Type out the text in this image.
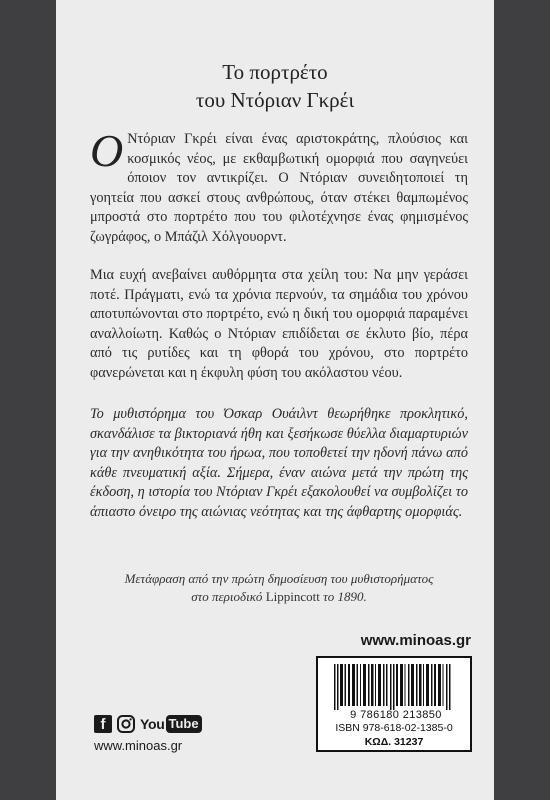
Το πορτρέτο
του Ντόριαν Γκρέι

Ο Ντόριαν Γκρέι είναι ένας αριστοκράτης, πλούσιος και κοσμικός νέος, με εκθαμβωτική ομορφιά που σαγηνεύει όποιον τον αντικρίζει. Ο Ντόριαν συνειδητοποιεί τη γοητεία που ασκεί στους ανθρώπους, όταν στέκει θαμπωμένος μπροστά στο πορτρέτο που του φιλοτέχνησε ένας φημισμένος ζωγράφος, ο Μπάζιλ Χόλγουορντ.

Μια ευχή ανεβαίνει αυθόρμητα στα χείλη του: Να μην γεράσει ποτέ. Πράγματι, ενώ τα χρόνια περνούν, τα σημάδια του χρόνου αποτυπώνονται στο πορτρέτο, ενώ η δική του ομορφιά παραμένει αναλλοίωτη. Καθώς ο Ντόριαν επιδίδεται σε έκλυτο βίο, πέρα από τις ρυτίδες και τη φθορά του χρόνου, στο πορτρέτο φανερώνεται και η έκφυλη φύση του ακόλαστου νέου.

Το μυθιστόρημα του Όσκαρ Ουάιλντ θεωρήθηκε προκλητικό, σκανδάλισε τα βικτοριανά ήθη και ξεσήκωσε θύελλα διαμαρτυριών για την ανηθικότητα του ήρωα, που τοποθετεί την ηδονή πάνω από κάθε πνευματική αξία. Σήμερα, έναν αιώνα μετά την πρώτη της έκδοση, η ιστορία του Ντόριαν Γκρέι εξακολουθεί να συμβολίζει το άπιαστο όνειρο της αιώνιας νεότητας και της άφθαρτης ομορφιάς.

Μετάφραση από την πρώτη δημοσίευση του μυθιστορήματος
στο περιοδικό Lippincott το 1890.
www.minoas.gr
9 786180 213850
ISBN 978-618-02-1385-0
ΚΩΔ. 31237
f	You Tube
www.minoas.gr
